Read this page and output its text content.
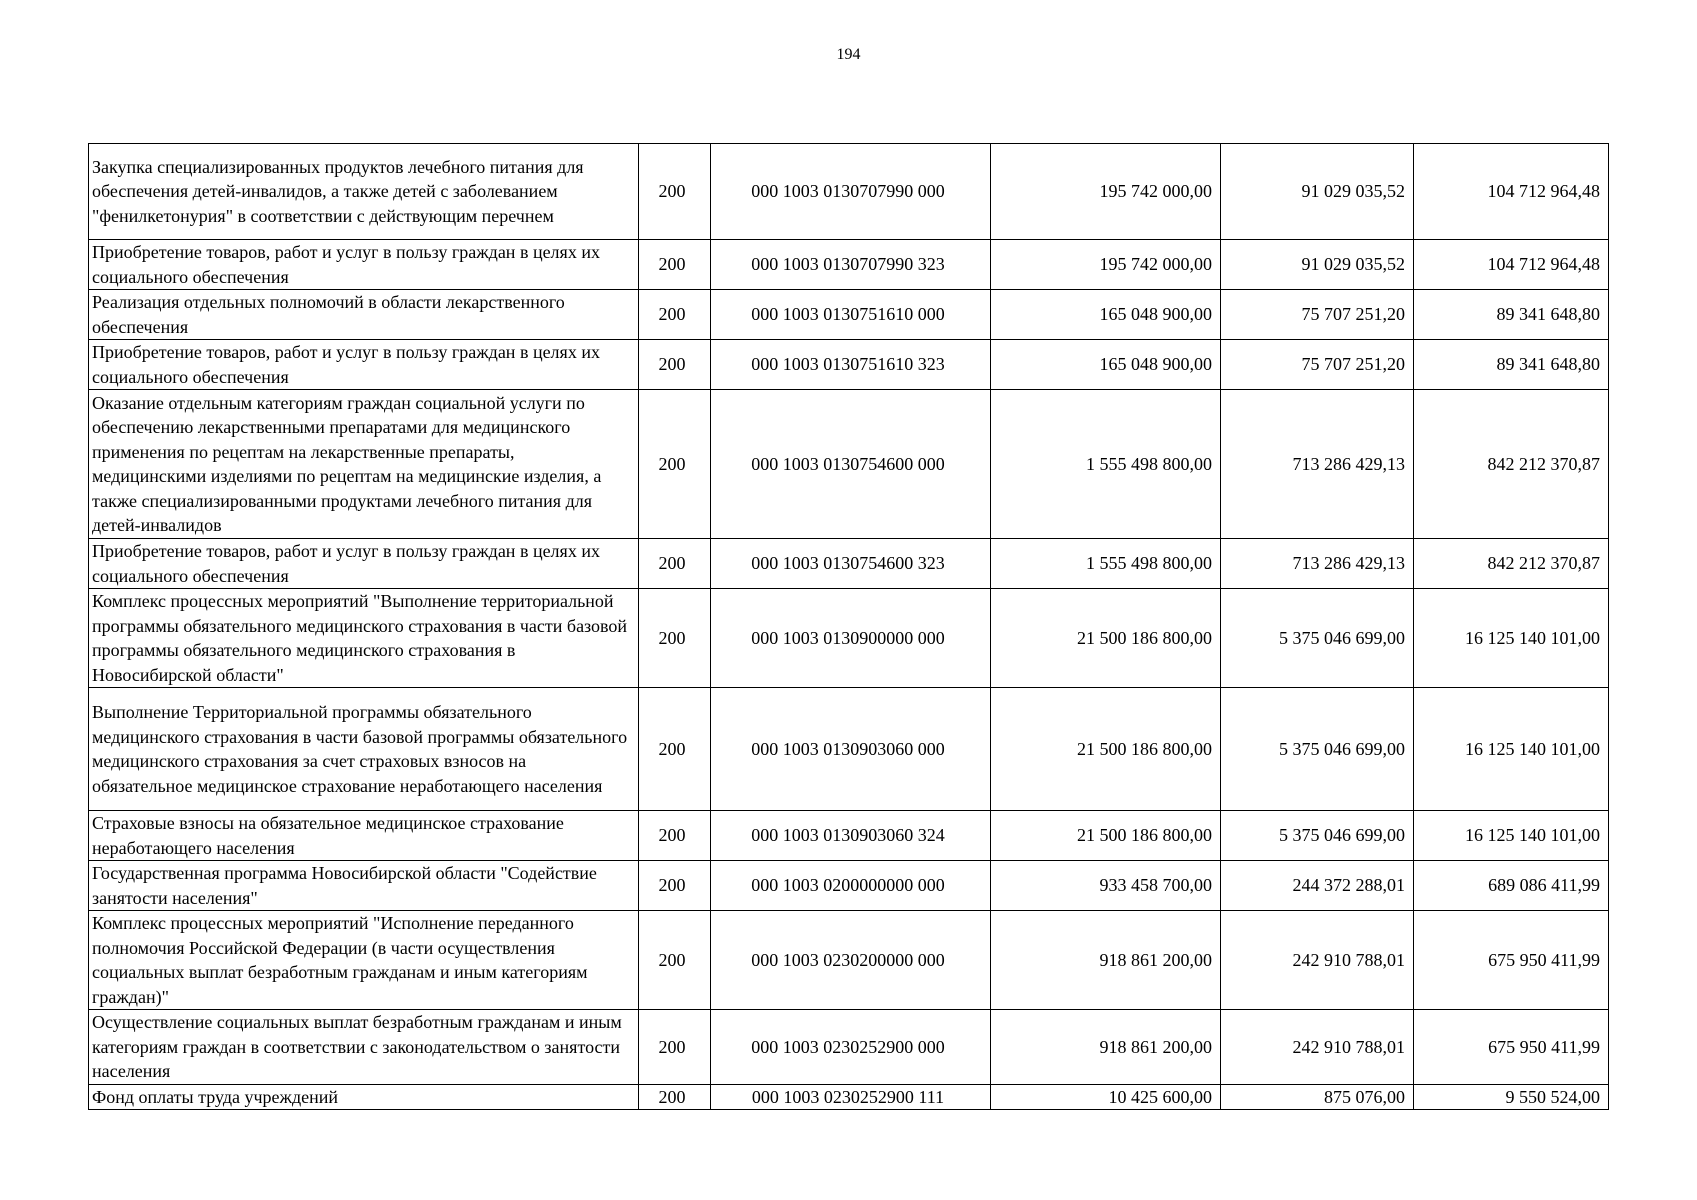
194
Закупка специализированных продуктов лечебного питания для обеспечения детей-инвалидов, а также детей с заболеванием "фенилкетонурия" в соответствии с действующим перечнем	200	000 1003 0130707990 000	195 742 000,00	91 029 035,52	104 712 964,48
Приобретение товаров, работ и услуг в пользу граждан в целях их социального обеспечения	200	000 1003 0130707990 323	195 742 000,00	91 029 035,52	104 712 964,48
Реализация отдельных полномочий в области лекарственного обеспечения	200	000 1003 0130751610 000	165 048 900,00	75 707 251,20	89 341 648,80
Приобретение товаров, работ и услуг в пользу граждан в целях их социального обеспечения	200	000 1003 0130751610 323	165 048 900,00	75 707 251,20	89 341 648,80
Оказание отдельным категориям граждан социальной услуги по обеспечению лекарственными препаратами для медицинского применения по рецептам на лекарственные препараты, медицинскими изделиями по рецептам на медицинские изделия, а также специализированными продуктами лечебного питания для детей-инвалидов	200	000 1003 0130754600 000	1 555 498 800,00	713 286 429,13	842 212 370,87
Приобретение товаров, работ и услуг в пользу граждан в целях их социального обеспечения	200	000 1003 0130754600 323	1 555 498 800,00	713 286 429,13	842 212 370,87
Комплекс процессных мероприятий "Выполнение территориальной программы обязательного медицинского страхования в части базовой программы обязательного медицинского страхования в Новосибирской области"	200	000 1003 0130900000 000	21 500 186 800,00	5 375 046 699,00	16 125 140 101,00
Выполнение Территориальной программы обязательного медицинского страхования в части базовой программы обязательного медицинского страхования за счет страховых взносов на обязательное медицинское страхование неработающего населения	200	000 1003 0130903060 000	21 500 186 800,00	5 375 046 699,00	16 125 140 101,00
Страховые взносы на обязательное медицинское страхование неработающего населения	200	000 1003 0130903060 324	21 500 186 800,00	5 375 046 699,00	16 125 140 101,00
Государственная программа Новосибирской области "Содействие занятости населения"	200	000 1003 0200000000 000	933 458 700,00	244 372 288,01	689 086 411,99
Комплекс процессных мероприятий "Исполнение переданного полномочия Российской Федерации (в части осуществления социальных выплат безработным гражданам и иным категориям граждан)"	200	000 1003 0230200000 000	918 861 200,00	242 910 788,01	675 950 411,99
Осуществление социальных выплат безработным гражданам и иным категориям граждан в соответствии с законодательством о занятости населения	200	000 1003 0230252900 000	918 861 200,00	242 910 788,01	675 950 411,99
Фонд оплаты труда учреждений	200	000 1003 0230252900 111	10 425 600,00	875 076,00	9 550 524,00
